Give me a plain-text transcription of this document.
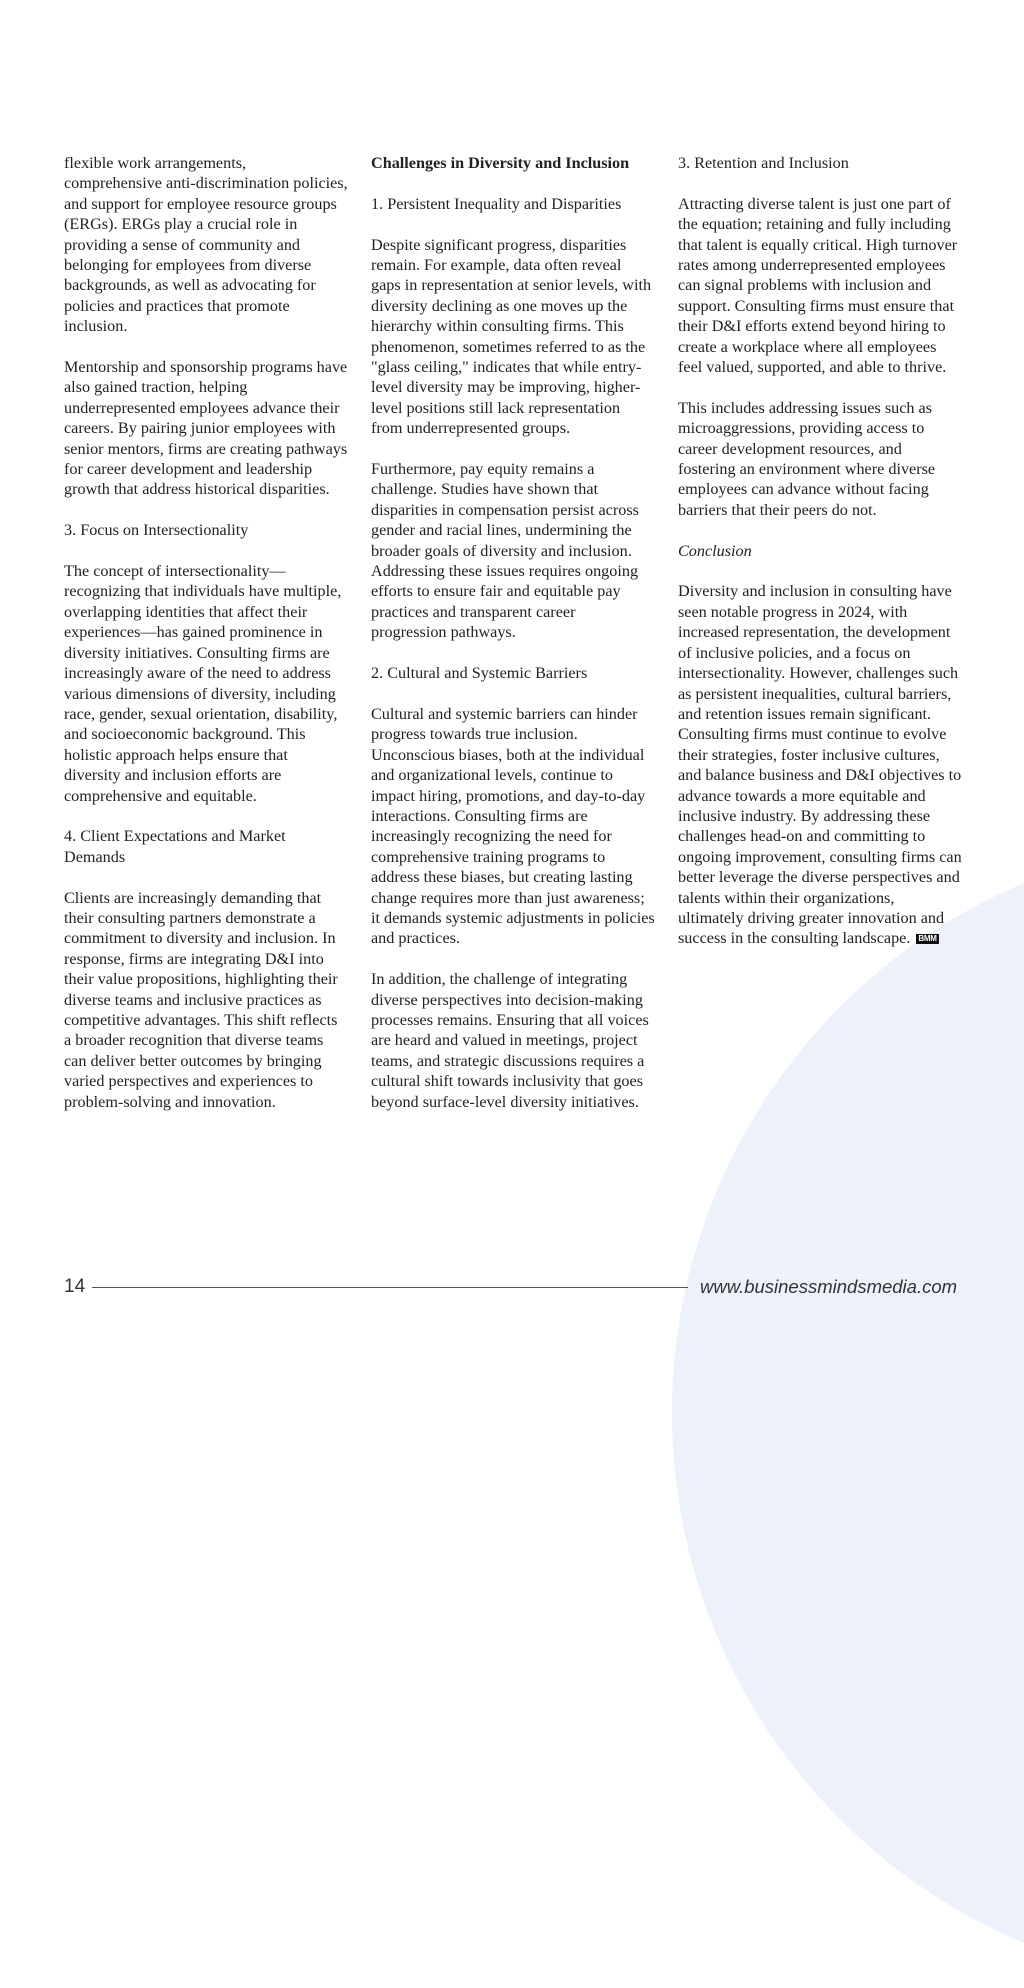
flexible work arrangements, comprehensive anti-discrimination policies, and support for employee resource groups (ERGs). ERGs play a crucial role in providing a sense of community and belonging for employees from diverse backgrounds, as well as advocating for policies and practices that promote inclusion.

Mentorship and sponsorship programs have also gained traction, helping underrepresented employees advance their careers. By pairing junior employees with senior mentors, firms are creating pathways for career development and leadership growth that address historical disparities.

3. Focus on Intersectionality

The concept of intersectionality—recognizing that individuals have multiple, overlapping identities that affect their experiences—has gained prominence in diversity initiatives. Consulting firms are increasingly aware of the need to address various dimensions of diversity, including race, gender, sexual orientation, disability, and socioeconomic background. This holistic approach helps ensure that diversity and inclusion efforts are comprehensive and equitable.

4. Client Expectations and Market Demands

Clients are increasingly demanding that their consulting partners demonstrate a commitment to diversity and inclusion. In response, firms are integrating D&I into their value propositions, highlighting their diverse teams and inclusive practices as competitive advantages. This shift reflects a broader recognition that diverse teams can deliver better outcomes by bringing varied perspectives and experiences to problem-solving and innovation.

Challenges in Diversity and Inclusion

1. Persistent Inequality and Disparities

Despite significant progress, disparities remain. For example, data often reveal gaps in representation at senior levels, with diversity declining as one moves up the hierarchy within consulting firms. This phenomenon, sometimes referred to as the "glass ceiling," indicates that while entry-level diversity may be improving, higher-level positions still lack representation from underrepresented groups.

Furthermore, pay equity remains a challenge. Studies have shown that disparities in compensation persist across gender and racial lines, undermining the broader goals of diversity and inclusion. Addressing these issues requires ongoing efforts to ensure fair and equitable pay practices and transparent career progression pathways.

2. Cultural and Systemic Barriers

Cultural and systemic barriers can hinder progress towards true inclusion. Unconscious biases, both at the individual and organizational levels, continue to impact hiring, promotions, and day-to-day interactions. Consulting firms are increasingly recognizing the need for comprehensive training programs to address these biases, but creating lasting change requires more than just awareness; it demands systemic adjustments in policies and practices.

In addition, the challenge of integrating diverse perspectives into decision-making processes remains. Ensuring that all voices are heard and valued in meetings, project teams, and strategic discussions requires a cultural shift towards inclusivity that goes beyond surface-level diversity initiatives.

3. Retention and Inclusion

Attracting diverse talent is just one part of the equation; retaining and fully including that talent is equally critical. High turnover rates among underrepresented employees can signal problems with inclusion and support. Consulting firms must ensure that their D&I efforts extend beyond hiring to create a workplace where all employees feel valued, supported, and able to thrive.

This includes addressing issues such as microaggressions, providing access to career development resources, and fostering an environment where diverse employees can advance without facing barriers that their peers do not.

Conclusion

Diversity and inclusion in consulting have seen notable progress in 2024, with increased representation, the development of inclusive policies, and a focus on intersectionality. However, challenges such as persistent inequalities, cultural barriers, and retention issues remain significant. Consulting firms must continue to evolve their strategies, foster inclusive cultures, and balance business and D&I objectives to advance towards a more equitable and inclusive industry. By addressing these challenges head-on and committing to ongoing improvement, consulting firms can better leverage the diverse perspectives and talents within their organizations, ultimately driving greater innovation and success in the consulting landscape. BMM

14	www.businessmindsmedia.com
